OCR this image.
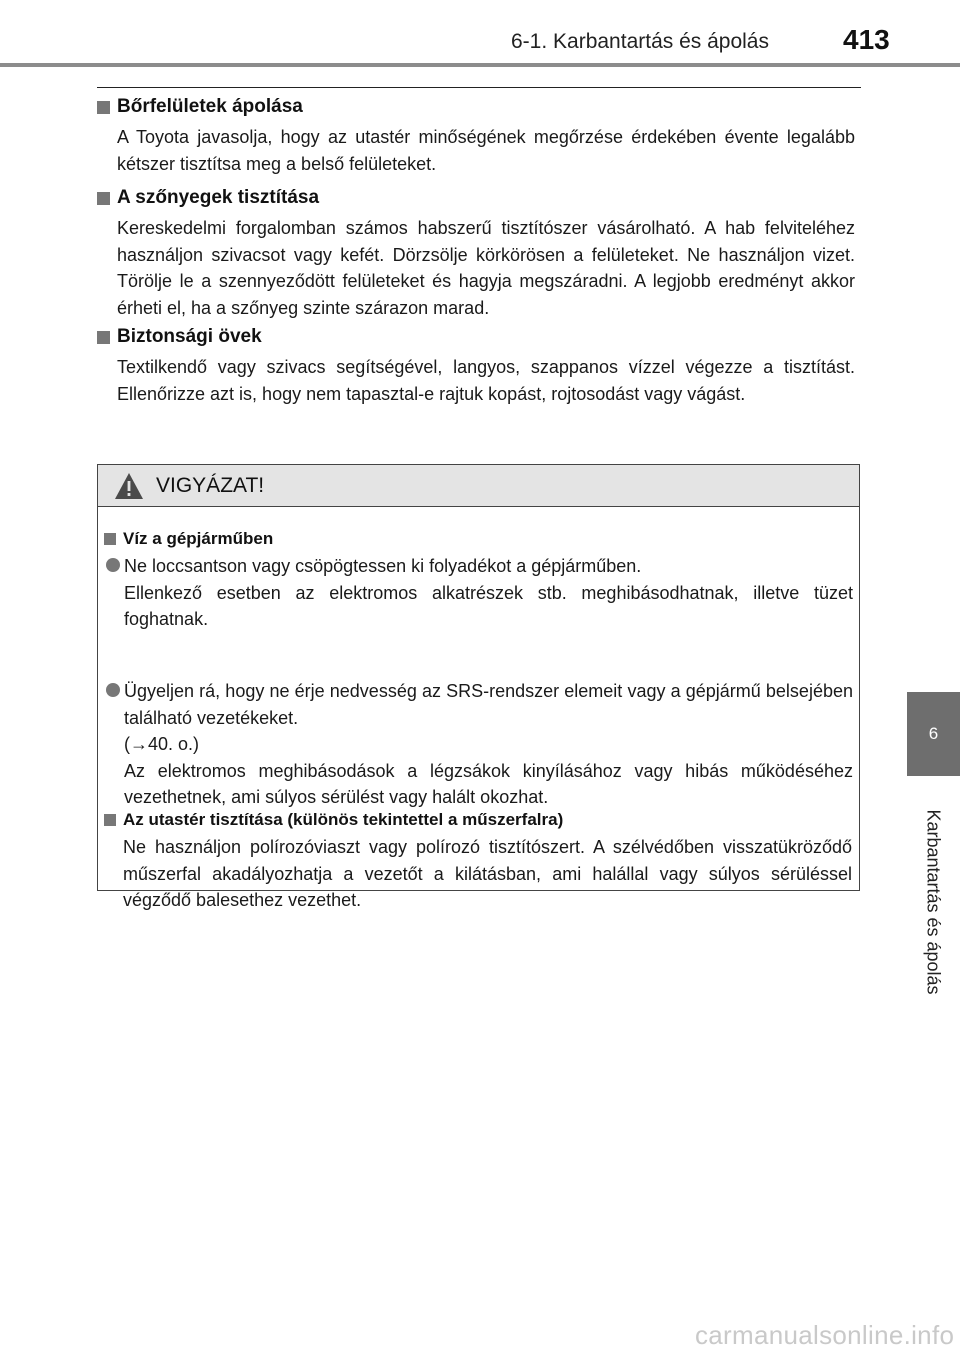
6-1. Karbantartás és ápolás	413
6
Karbantartás és ápolás
Bőrfelületek ápolása
A Toyota javasolja, hogy az utastér minőségének megőrzése érdekében évente legalább kétszer tisztítsa meg a belső felületeket.
A szőnyegek tisztítása
Kereskedelmi forgalomban számos habszerű tisztítószer vásárolható. A hab felviteléhez használjon szivacsot vagy kefét. Dörzsölje körkörösen a felületeket. Ne használjon vizet. Törölje le a szennyeződött felületeket és hagyja megszáradni. A legjobb eredményt akkor érheti el, ha a szőnyeg szinte szárazon marad.
Biztonsági övek
Textilkendő vagy szivacs segítségével, langyos, szappanos vízzel végezze a tisztítást. Ellenőrizze azt is, hogy nem tapasztal-e rajtuk kopást, rojtosodást vagy vágást.
VIGYÁZAT!
Víz a gépjárműben

Ne loccsantson vagy csöpögtessen ki folyadékot a gépjárműben.

Ellenkező esetben az elektromos alkatrészek stb. meghibásodhatnak, illetve tüzet foghatnak.

Ügyeljen rá, hogy ne érje nedvesség az SRS-rendszer elemeit vagy a gépjármű belsejében található vezetékeket.

(→40. o.)

Az elektromos meghibásodások a légzsákok kinyílásához vagy hibás működéséhez vezethetnek, ami súlyos sérülést vagy halált okozhat.

Az utastér tisztítása (különös tekintettel a műszerfalra)
Ne használjon polírozóviaszt vagy polírozó tisztítószert. A szélvédőben visszatükröződő műszerfal akadályozhatja a vezetőt a kilátásban, ami halállal vagy súlyos sérüléssel végződő balesethez vezethet.
carmanualsonline.info
